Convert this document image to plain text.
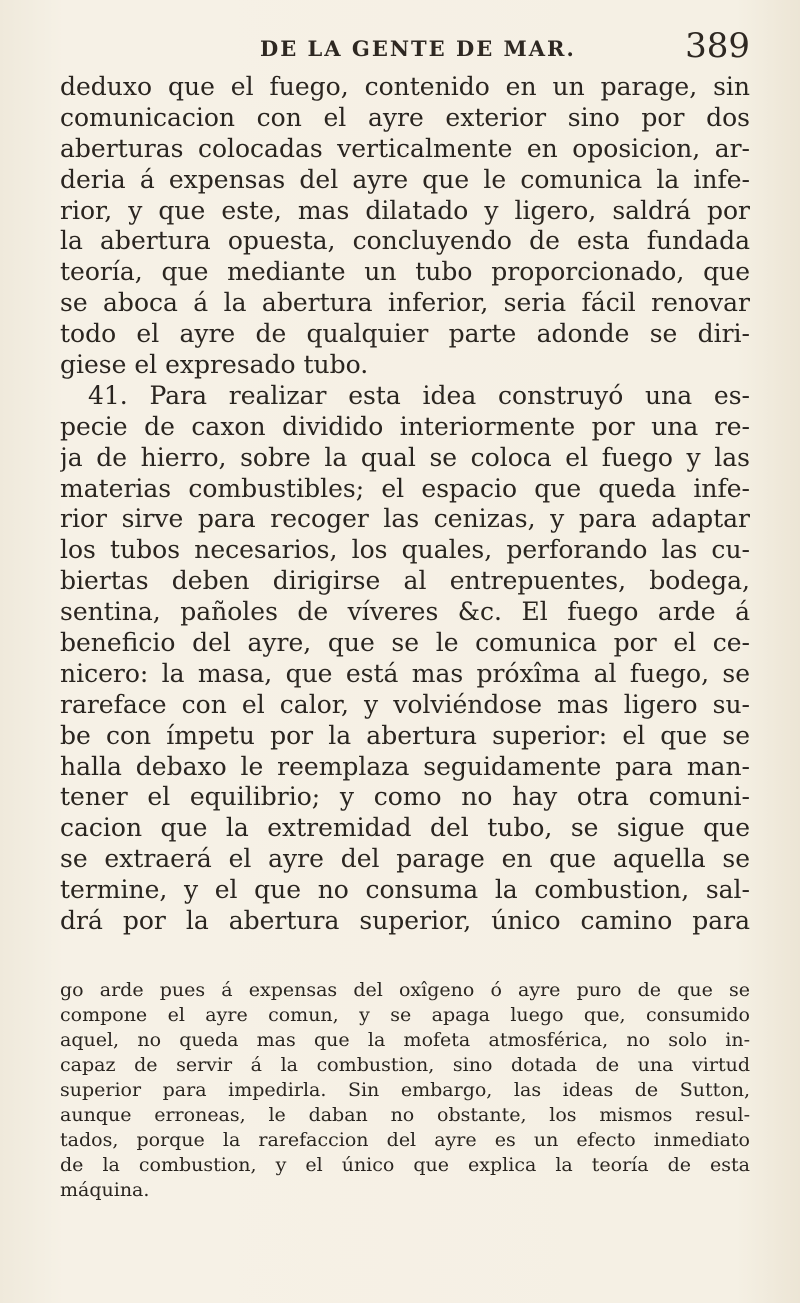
DE LA GENTE DE MAR.	389
deduxo que el fuego, contenido en un parage, sin
comunicacion con el ayre exterior sino por dos
aberturas colocadas verticalmente en oposicion, ar-
deria á expensas del ayre que le comunica la infe-
rior, y que este, mas dilatado y ligero, saldrá por
la abertura opuesta, concluyendo de esta fundada
teoría, que mediante un tubo proporcionado, que
se aboca á la abertura inferior, seria fácil renovar
todo el ayre de qualquier parte adonde se diri-
giese el expresado tubo.
41. Para realizar esta idea construyó una es-
pecie de caxon dividido interiormente por una re-
ja de hierro, sobre la qual se coloca el fuego y las
materias combustibles; el espacio que queda infe-
rior sirve para recoger las cenizas, y para adaptar
los tubos necesarios, los quales, perforando las cu-
biertas deben dirigirse al entrepuentes, bodega,
sentina, pañoles de víveres &c. El fuego arde á
beneficio del ayre, que se le comunica por el ce-
nicero: la masa, que está mas próxîma al fuego, se
rareface con el calor, y volviéndose mas ligero su-
be con ímpetu por la abertura superior: el que se
halla debaxo le reemplaza seguidamente para man-
tener el equilibrio; y como no hay otra comuni-
cacion que la extremidad del tubo, se sigue que
se extraerá el ayre del parage en que aquella se
termine, y el que no consuma la combustion, sal-
drá por la abertura superior, único camino para
go arde pues á expensas del oxîgeno ó ayre puro de que se
compone el ayre comun, y se apaga luego que, consumido
aquel, no queda mas que la mofeta atmosférica, no solo in-
capaz de servir á la combustion, sino dotada de una virtud
superior para impedirla. Sin embargo, las ideas de Sutton,
aunque erroneas, le daban no obstante, los mismos resul-
tados, porque la rarefaccion del ayre es un efecto inmediato
de la combustion, y el único que explica la teoría de esta
máquina.
